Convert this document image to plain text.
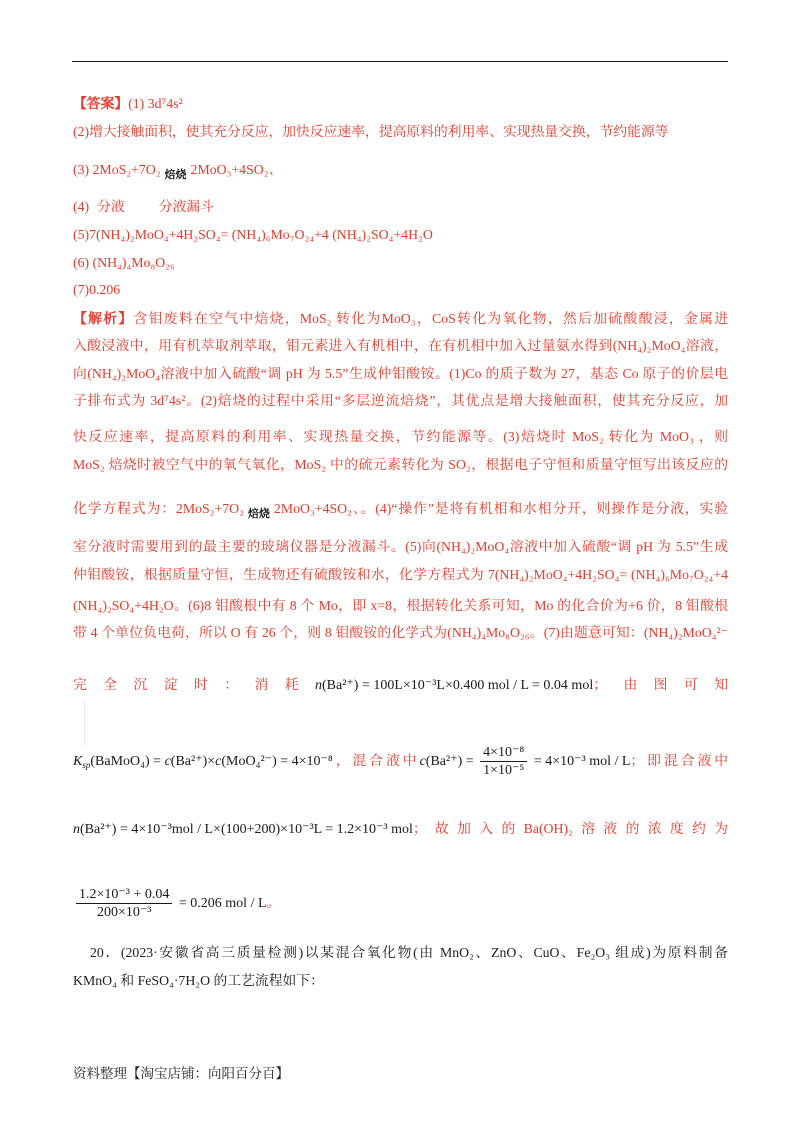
【答案】(1) 3d⁷4s²
(2)增大接触面积，使其充分反应，加快反应速率，提高原料的利用率、实现热量交换，节约能源等
(3) 2MoS₂+7O₂ 焙烧 2MoO₃+4SO₂、
(4) 分液 分液漏斗
(5)7(NH₄)₂MoO₄+4H₂SO₄= (NH₄)₆Mo₇O₂₄+4 (NH₄)₂SO₄+4H₂O
(6) (NH₄)₄Mo₈O₂₆
(7)0.206
【解析】含钼废料在空气中焙烧，MoS₂ 转化为MoO₃，CoS转化为氧化物，然后加硫酸酸浸，金属进
入酸浸液中，用有机萃取剂萃取，钼元素进入有机相中，在有机相中加入过量氨水得到(NH₄)₂MoO₄溶液，
向(NH₄)₂MoO₄溶液中加入硫酸“调 pH 为 5.5”生成仲钼酸铵。(1)Co 的质子数为 27，基态 Co 原子的价层电
子排布式为 3d⁷4s²。(2)焙烧的过程中采用“多层逆流焙烧”，其优点是增大接触面积，使其充分反应，加
快反应速率，提高原料的利用率、实现热量交换，节约能源等。(3)焙烧时 MoS₂ 转化为 MoO₃ ，则
MoS₂ 焙烧时被空气中的氧气氧化，MoS₂ 中的硫元素转化为 SO₂，根据电子守恒和质量守恒写出该反应的
化学方程式为：2MoS₂+7O₂ 焙烧 2MoO₃+4SO₂、。(4)“操作”是将有机相和水相分开，则操作是分液，实验
室分液时需要用到的最主要的玻璃仪器是分液漏斗。(5)向(NH₄)₂MoO₄溶液中加入硫酸“调 pH 为 5.5”生成
仲钼酸铵，根据质量守恒，生成物还有硫酸铵和水，化学方程式为 7(NH₄)₂MoO₄+4H₂SO₄= (NH₄)₆Mo₇O₂₄+4
(NH₄)₂SO₄+4H₂O。(6)8 钼酸根中有 8 个 Mo，即 x=8，根据转化关系可知，Mo 的化合价为+6 价，8 钼酸根
带 4 个单位负电荷，所以 O 有 26 个，则 8 钼酸铵的化学式为(NH₄)₄Mo₈O₂₆。(7)由题意可知：(NH₄)₂MoO₄²⁻
完全沉淀时：消耗n(Ba²⁺) = 100L×10⁻³L×0.400 mol / L = 0.04 mol；由图可知
$K_{sp}(BaMoO_4) = c(Ba^{2+})\times c(MoO_4^{2-}) = 4\times 10^{-8}$，混合液中$c(Ba^{2+}) = \frac{\text{4×10⁻⁸}}{\text{1×10⁻⁵}} = 4\times 10^{-3}$ mol / L；即混合液中
n(Ba²⁺) = 4×10⁻³mol / L×(100+200)×10⁻³L = 1.2×10⁻³ mol；故加入的Ba(OH)₂溶液的浓度约为
$\frac{\text{1.2×10⁻³ + 0.04}}{\text{200×10⁻³}} = 0.206$ mol / L。
20．(2023·安徽省高三质量检测)以某混合氧化物(由 MnO₂、ZnO、CuO、Fe₂O₃ 组成)为原料制备
KMnO₄ 和 FeSO₄·7H₂O 的工艺流程如下：
资料整理【淘宝店铺：向阳百分百】
